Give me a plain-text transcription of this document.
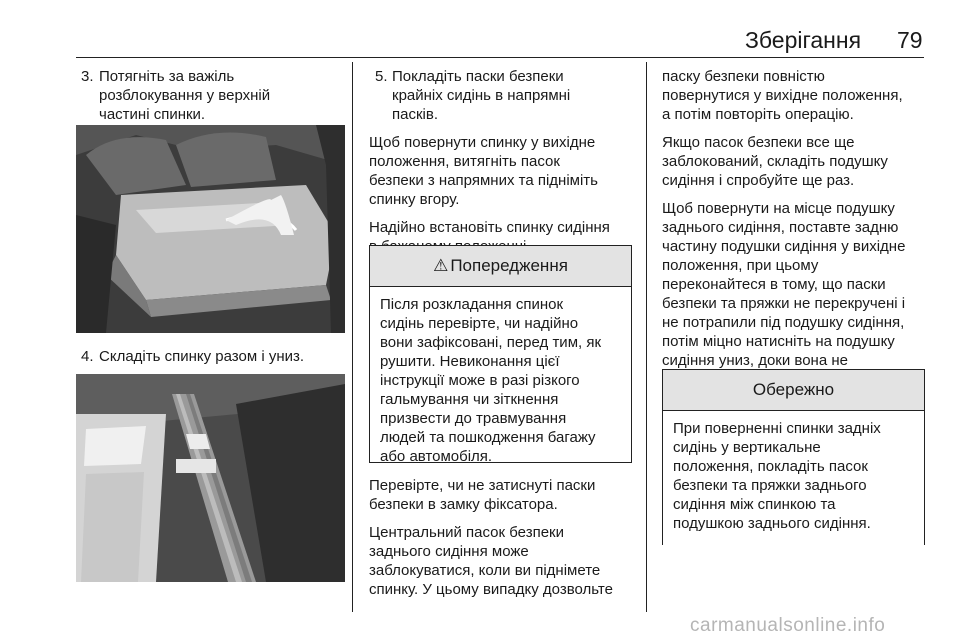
Зберігання 79
3. Потягніть за важіль
розблокування у верхній
частині спинки.
4. Складіть спинку разом і униз.
5. Покладіть паски безпеки
крайніх сидінь в напрямні
пасків.
Щоб повернути спинку у вихідне
положення, витягніть пасок
безпеки з напрямних та підніміть
спинку вгору.
Надійно встановіть спинку сидіння
⚠ Попередження
Після розкладання спинок
сидінь перевірте, чи надійно
вони зафіксовані, перед тим, як
рушити. Невиконання цієї
інструкції може в разі різкого
гальмування чи зіткнення
призвести до травмування
людей та пошкодження багажу
або автомобіля.
Перевірте, чи не затиснуті паски
безпеки в замку фіксатора.
Центральний пасок безпеки
заднього сидіння може
заблокуватися, коли ви піднімете
спинку. У цьому випадку дозвольте
паску безпеки повністю
повернутися у вихідне положення,
а потім повторіть операцію.
Якщо пасок безпеки все ще
заблокований, складіть подушку
сидіння і спробуйте ще раз.
Щоб повернути на місце подушку
заднього сидіння, поставте задню
частину подушки сидіння у вихідне
положення, при цьому
переконайтеся в тому, що паски
безпеки та пряжки не перекручені і
не потрапили під подушку сидіння,
потім міцно натисніть на подушку
сидіння униз, доки вона не
Обережно
При поверненні спинки задніх
сидінь у вертикальне
положення, покладіть пасок
безпеки та пряжки заднього
сидіння між спинкою та
подушкою заднього сидіння.
carmanualsonline.info
